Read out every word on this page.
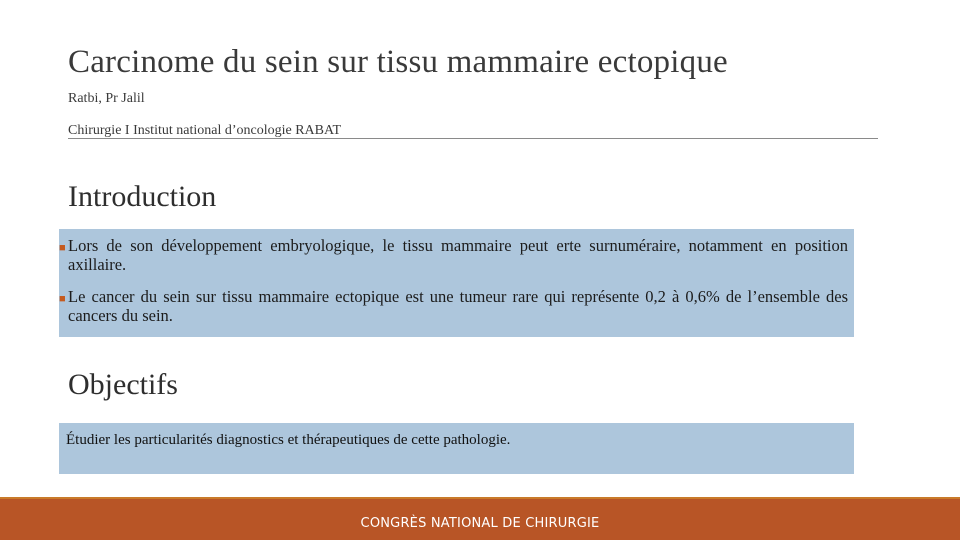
Carcinome du sein sur tissu mammaire ectopique
Ratbi, Pr Jalil
Chirurgie I Institut national d’oncologie RABAT
Introduction
■ Lors de son développement embryologique, le tissu mammaire peut erte surnuméraire, notamment en position axillaire.
■ Le cancer du sein sur tissu mammaire ectopique est une tumeur rare qui représente 0,2 à 0,6% de l’ensemble des cancers du sein.
Objectifs
Étudier les particularités diagnostics et thérapeutiques de cette pathologie.
CONGRÈS NATIONAL DE CHIRURGIE
